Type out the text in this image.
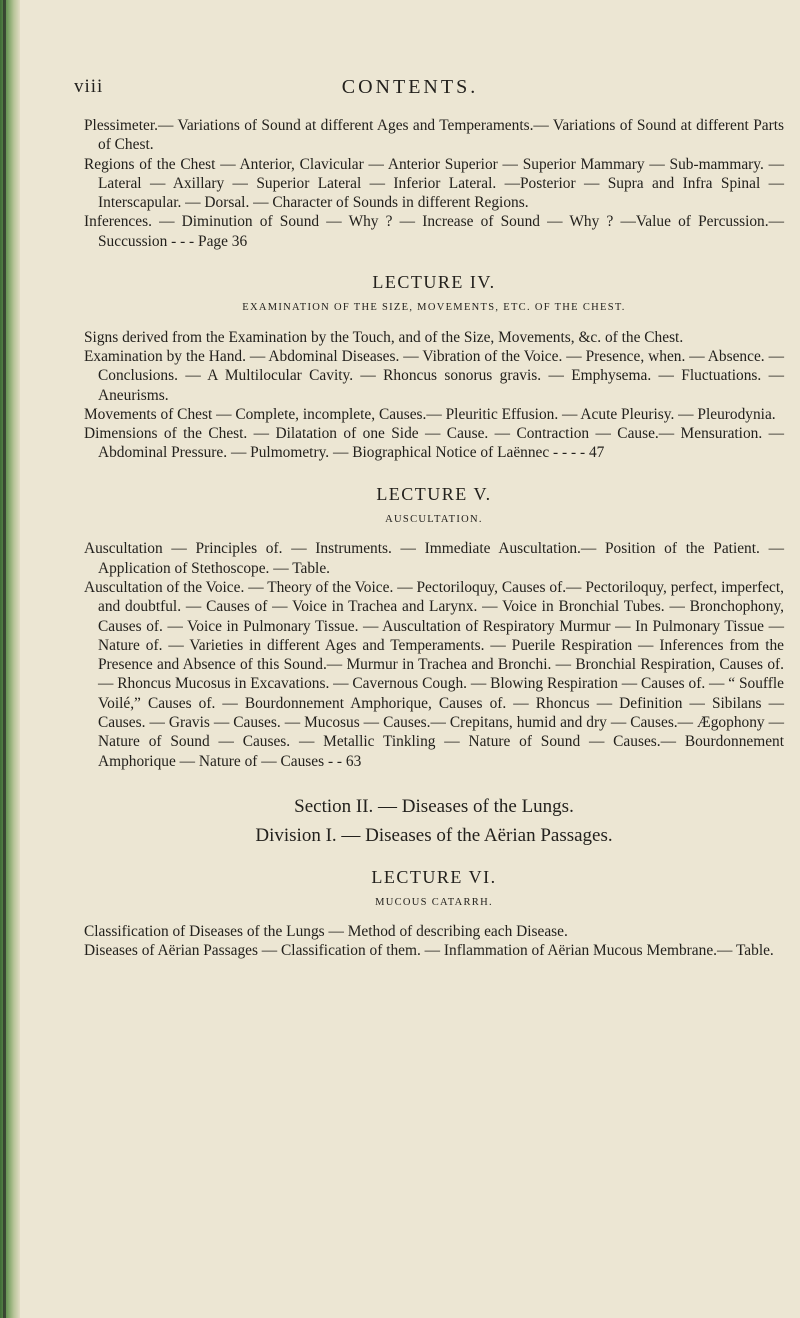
viii	CONTENTS.

Plessimeter.— Variations of Sound at different Ages and Temperaments.— Variations of Sound at different Parts of Chest.

Regions of the Chest — Anterior, Clavicular — Anterior Superior — Superior Mammary — Sub-mammary. — Lateral — Axillary — Superior Lateral — Inferior Lateral. —Posterior — Supra and Infra Spinal — Interscapular. — Dorsal. — Character of Sounds in different Regions.

Inferences. — Diminution of Sound — Why ? — Increase of Sound — Why ? —Value of Percussion.— Succussion - - - Page 36

LECTURE IV.
EXAMINATION OF THE SIZE, MOVEMENTS, ETC. OF THE CHEST.

Signs derived from the Examination by the Touch, and of the Size, Movements, &c. of the Chest.

Examination by the Hand. — Abdominal Diseases. — Vibration of the Voice. — Presence, when. — Absence. — Conclusions. — A Multilocular Cavity. — Rhoncus sonorus gravis. — Emphysema. — Fluctuations. — Aneurisms.

Movements of Chest — Complete, incomplete, Causes.— Pleuritic Effusion. — Acute Pleurisy. — Pleurodynia.

Dimensions of the Chest. — Dilatation of one Side — Cause. — Contraction — Cause.— Mensuration. — Abdominal Pressure. — Pulmometry. — Biographical Notice of Laënnec - - - - 47

LECTURE V.
AUSCULTATION.

Auscultation — Principles of. — Instruments. — Immediate Auscultation.— Position of the Patient. — Application of Stethoscope. — Table.

Auscultation of the Voice. — Theory of the Voice. — Pectoriloquy, Causes of.— Pectoriloquy, perfect, imperfect, and doubtful. — Causes of — Voice in Trachea and Larynx. — Voice in Bronchial Tubes. — Bronchophony, Causes of. — Voice in Pulmonary Tissue. — Auscultation of Respiratory Murmur — In Pulmonary Tissue — Nature of. — Varieties in different Ages and Temperaments. — Puerile Respiration — Inferences from the Presence and Absence of this Sound.— Murmur in Trachea and Bronchi. — Bronchial Respiration, Causes of. — Rhoncus Mucosus in Excavations. — Cavernous Cough. — Blowing Respiration — Causes of. — “ Souffle Voilé,” Causes of. — Bourdonnement Amphorique, Causes of. — Rhoncus — Definition — Sibilans — Causes. — Gravis — Causes. — Mucosus — Causes.— Crepitans, humid and dry — Causes.— Ægophony — Nature of Sound — Causes. — Metallic Tinkling — Nature of Sound — Causes.— Bourdonnement Amphorique — Nature of — Causes - - 63

Section II. — Diseases of the Lungs.
Division I. — Diseases of the Aërian Passages.
LECTURE VI.
MUCOUS CATARRH.

Classification of Diseases of the Lungs — Method of describing each Disease.

Diseases of Aërian Passages — Classification of them. — Inflammation of Aërian Mucous Membrane.— Table.
